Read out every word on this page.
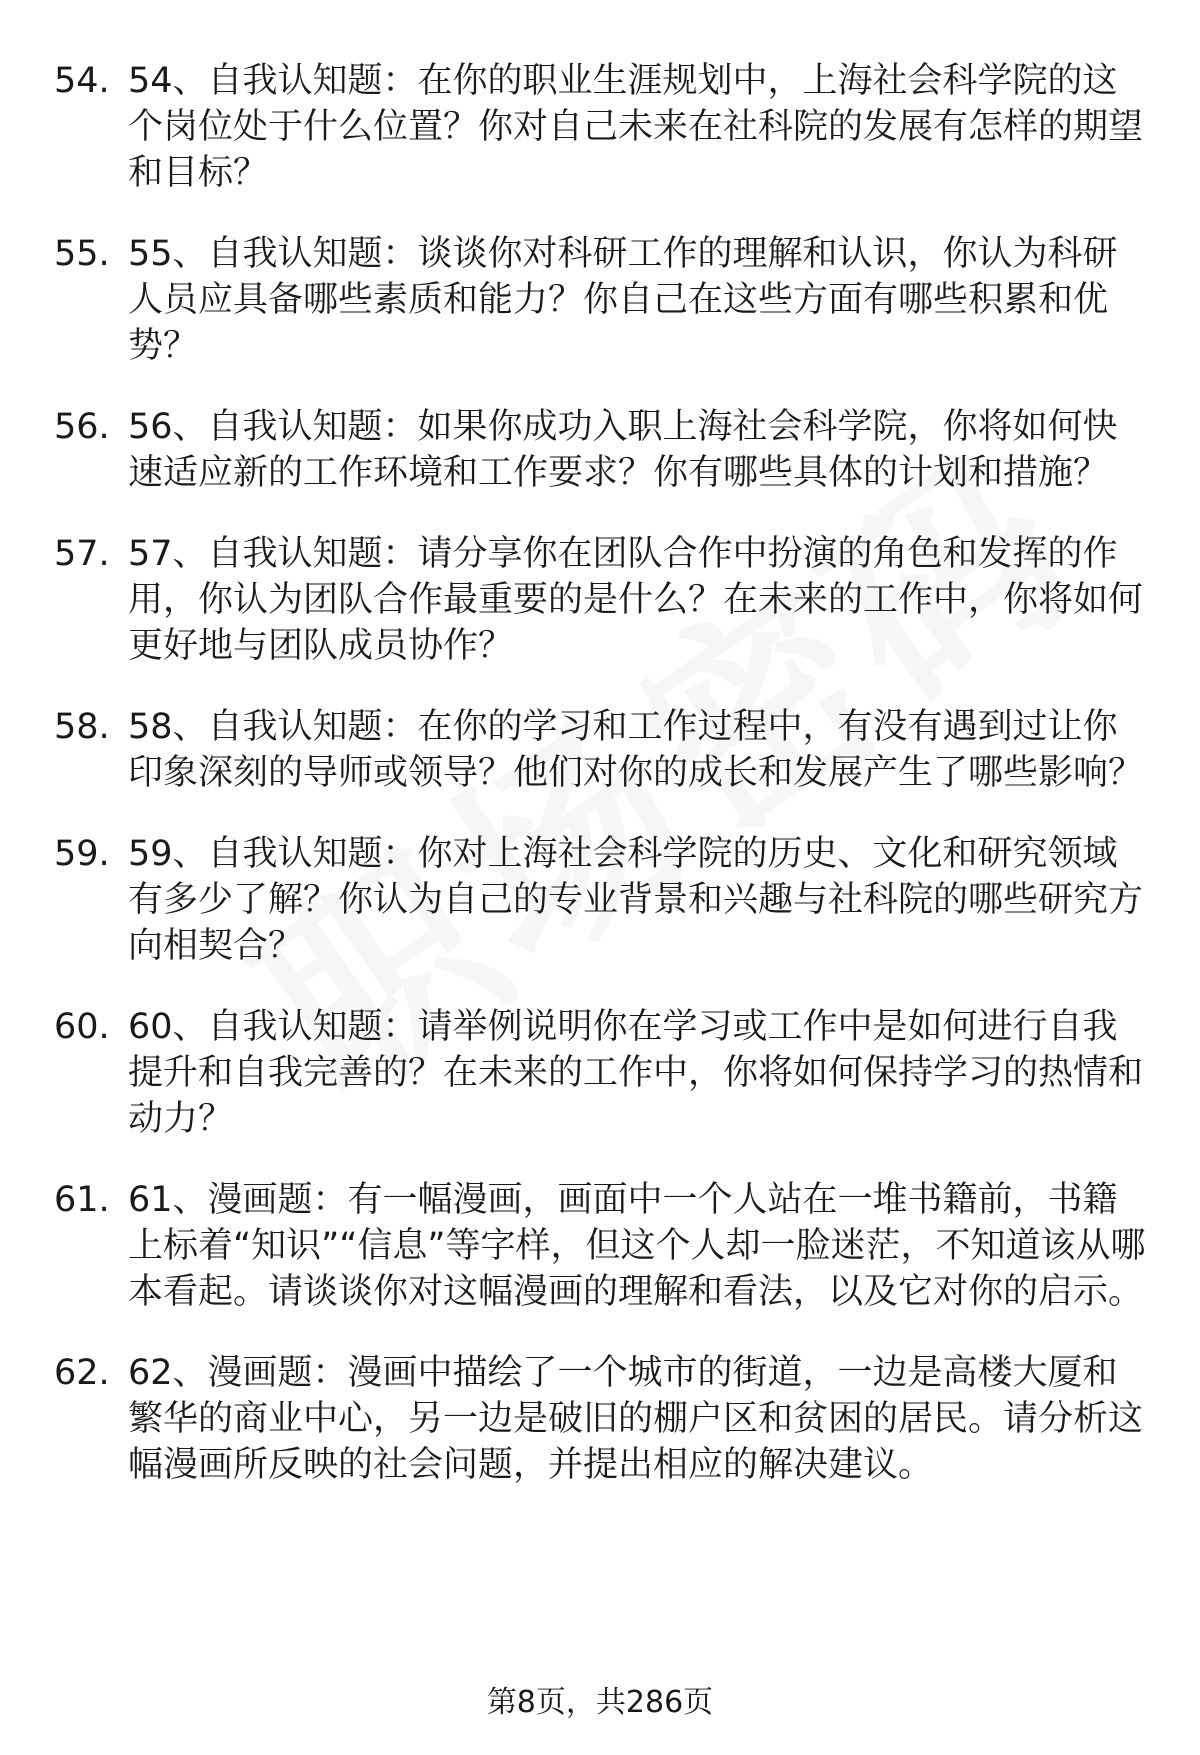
54. 54、自我认知题：在你的职业生涯规划中，上海社会科学院的这个岗位处于什么位置？你对自己未来在社科院的发展有怎样的期望和目标？
55. 55、自我认知题：谈谈你对科研工作的理解和认识，你认为科研人员应具备哪些素质和能力？你自己在这些方面有哪些积累和优势？
56. 56、自我认知题：如果你成功入职上海社会科学院，你将如何快速适应新的工作环境和工作要求？你有哪些具体的计划和措施？
57. 57、自我认知题：请分享你在团队合作中扮演的角色和发挥的作用，你认为团队合作最重要的是什么？在未来的工作中，你将如何更好地与团队成员协作？
58. 58、自我认知题：在你的学习和工作过程中，有没有遇到过让你印象深刻的导师或领导？他们对你的成长和发展产生了哪些影响？
59. 59、自我认知题：你对上海社会科学院的历史、文化和研究领域有多少了解？你认为自己的专业背景和兴趣与社科院的哪些研究方向相契合？
60. 60、自我认知题：请举例说明你在学习或工作中是如何进行自我提升和自我完善的？在未来的工作中，你将如何保持学习的热情和动力？
61. 61、漫画题：有一幅漫画，画面中一个人站在一堆书籍前，书籍上标着“知识”“信息”等字样，但这个人却一脸迷茫，不知道该从哪本看起。请谈谈你对这幅漫画的理解和看法，以及它对你的启示。
62. 62、漫画题：漫画中描绘了一个城市的街道，一边是高楼大厦和繁华的商业中心，另一边是破旧的棚户区和贫困的居民。请分析这幅漫画所反映的社会问题，并提出相应的解决建议。
第8页，共286页
